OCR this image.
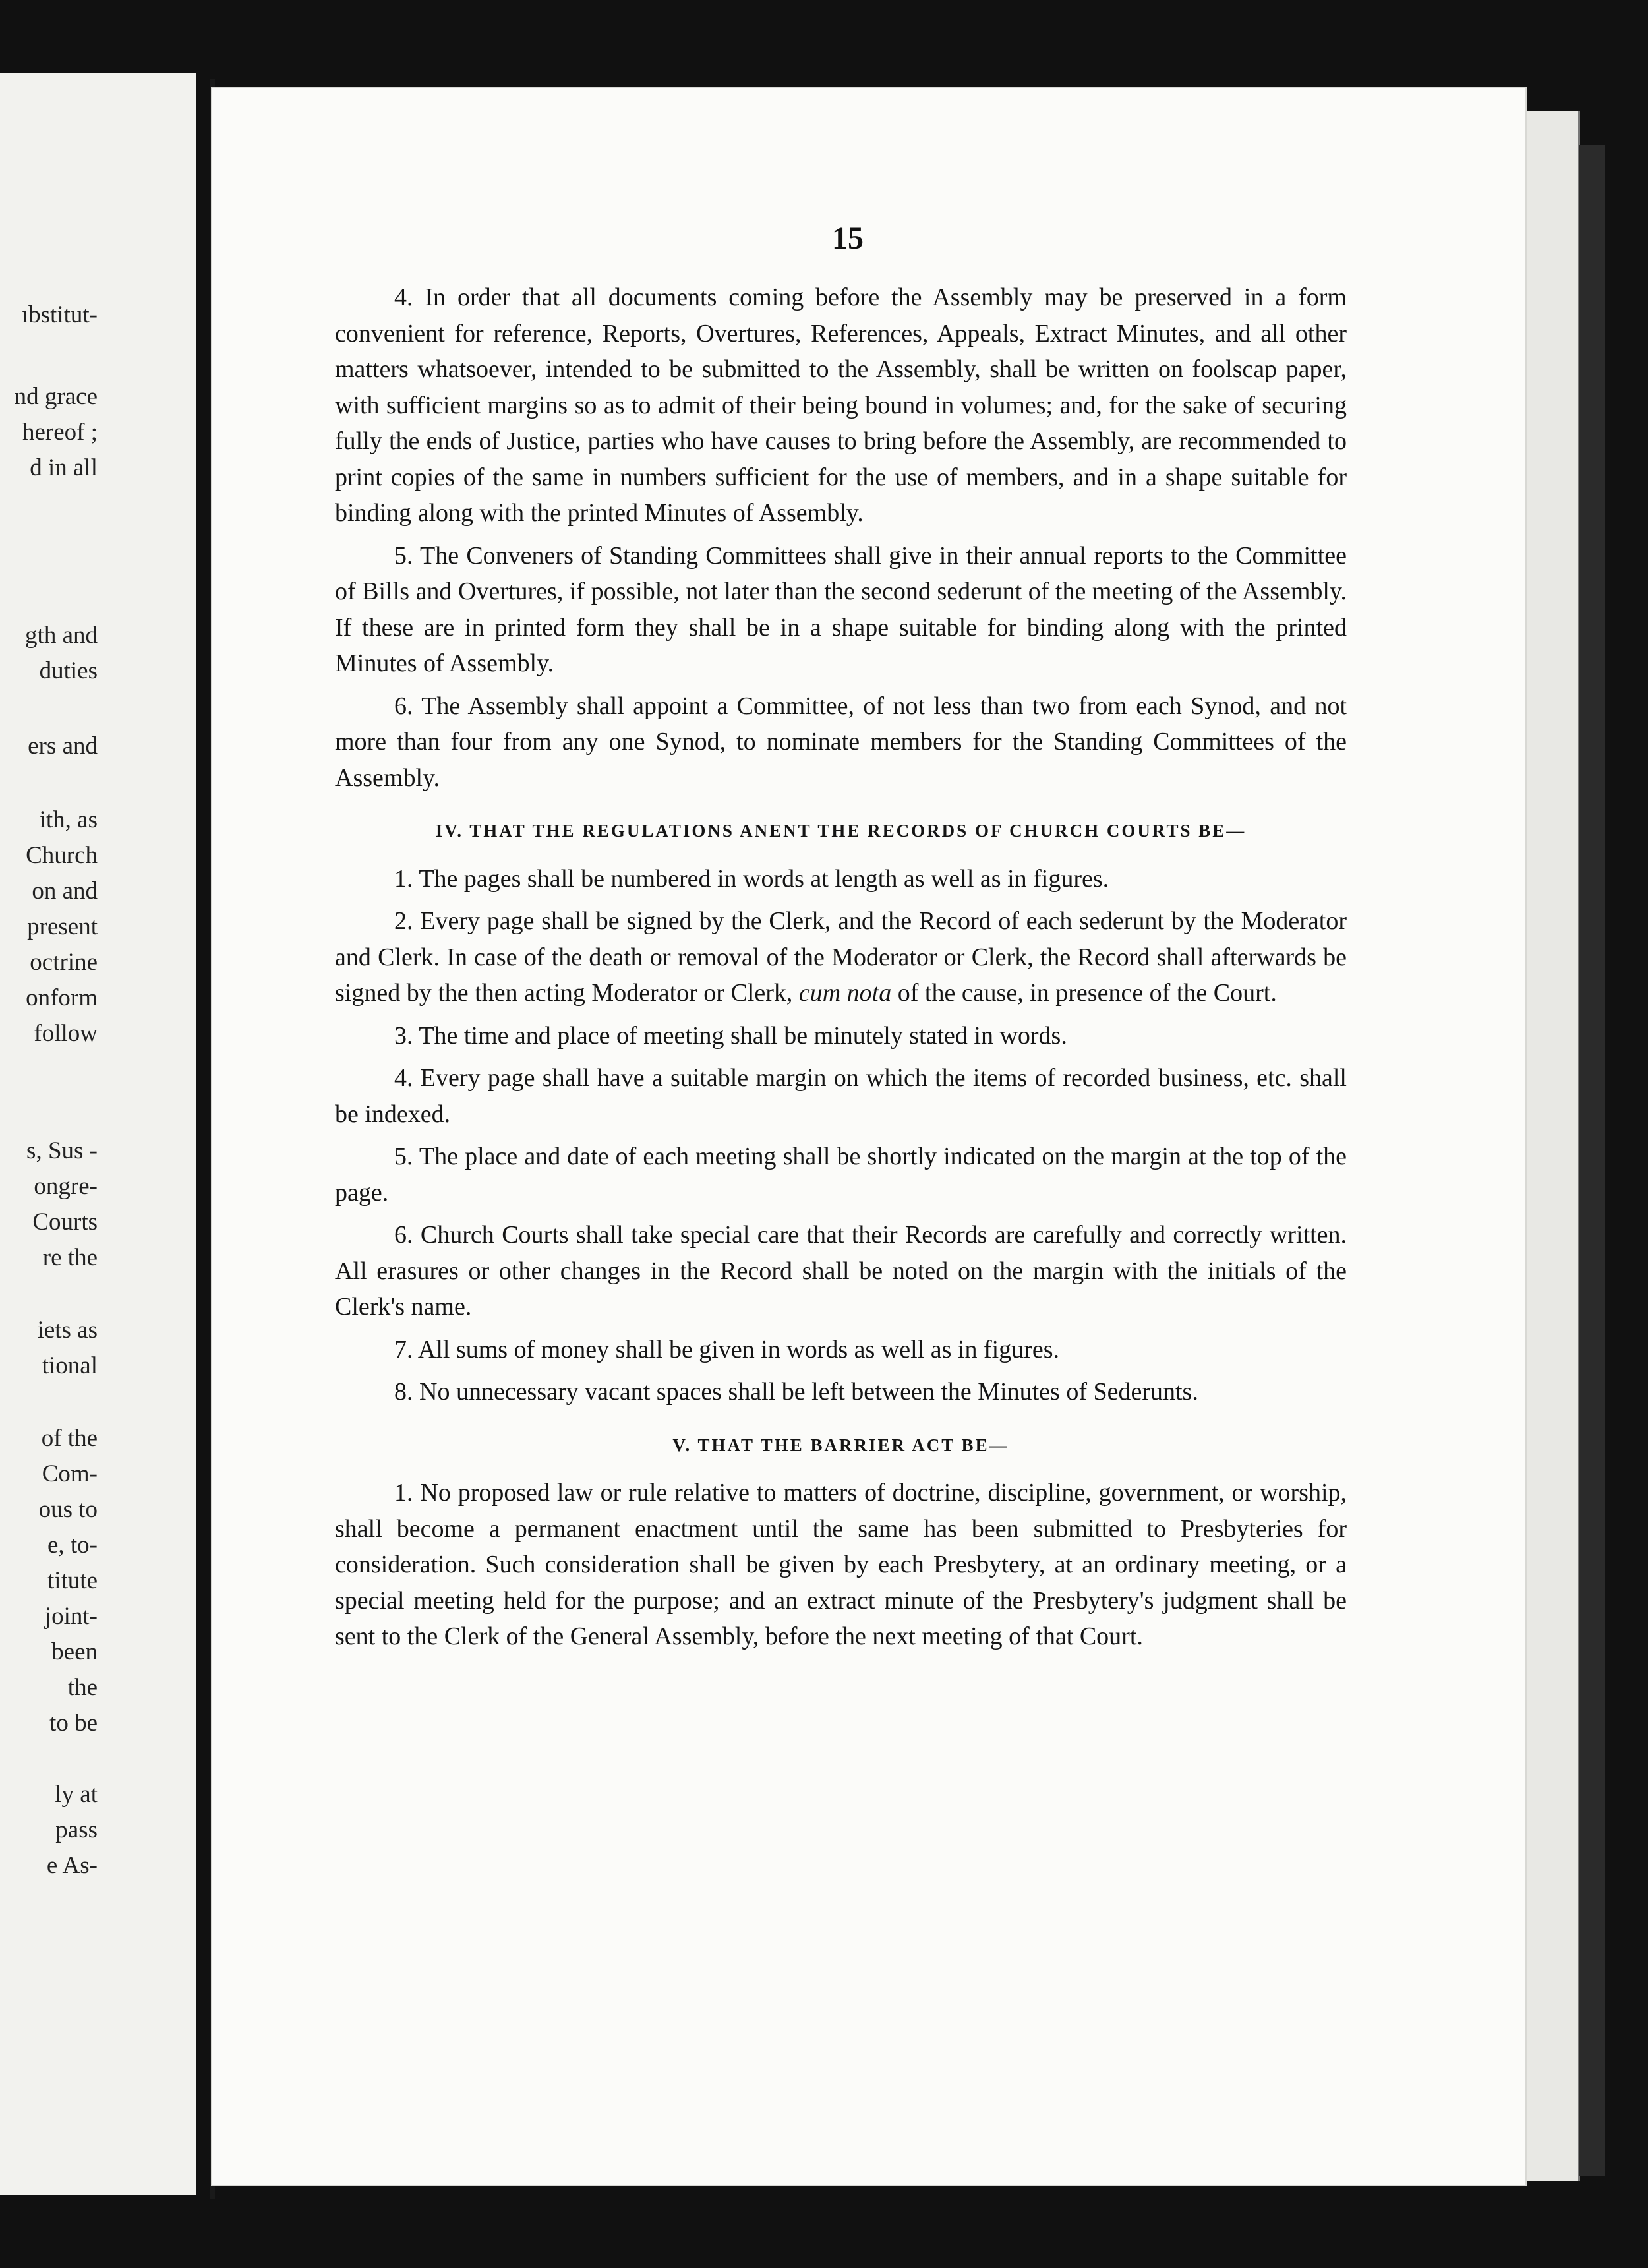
ıbstitut-
nd grace
hereof ;
d in all
gth and
duties
ers and
ith, as
Church
on and
present
octrine
onform
follow
s, Sus -
ongre-
Courts
re the
iets as
tional
of the
Com-
ous to
e, to-
titute
joint-
been
the
to be
ly at
pass
e As-
15

4. In order that all documents coming before the Assembly may be preserved in a form convenient for reference, Reports, Overtures, References, Appeals, Extract Minutes, and all other matters whatsoever, intended to be submitted to the Assembly, shall be written on foolscap paper, with sufficient margins so as to admit of their being bound in volumes; and, for the sake of securing fully the ends of Justice, parties who have causes to bring before the Assembly, are recommended to print copies of the same in numbers sufficient for the use of members, and in a shape suitable for binding along with the printed Minutes of Assembly.

5. The Conveners of Standing Committees shall give in their annual reports to the Committee of Bills and Overtures, if possible, not later than the second sederunt of the meeting of the Assembly. If these are in printed form they shall be in a shape suitable for binding along with the printed Minutes of Assembly.

6. The Assembly shall appoint a Committee, of not less than two from each Synod, and not more than four from any one Synod, to nominate members for the Standing Committees of the Assembly.

IV. THAT THE REGULATIONS ANENT THE RECORDS OF CHURCH COURTS BE—

1. The pages shall be numbered in words at length as well as in figures.

2. Every page shall be signed by the Clerk, and the Record of each sederunt by the Moderator and Clerk. In case of the death or removal of the Moderator or Clerk, the Record shall afterwards be signed by the then acting Moderator or Clerk, cum nota of the cause, in presence of the Court.

3. The time and place of meeting shall be minutely stated in words.

4. Every page shall have a suitable margin on which the items of recorded business, etc. shall be indexed.

5. The place and date of each meeting shall be shortly indicated on the margin at the top of the page.

6. Church Courts shall take special care that their Records are carefully and correctly written. All erasures or other changes in the Record shall be noted on the margin with the initials of the Clerk's name.

7. All sums of money shall be given in words as well as in figures.

8. No unnecessary vacant spaces shall be left between the Minutes of Sederunts.

V. THAT THE BARRIER ACT BE—

1. No proposed law or rule relative to matters of doctrine, discipline, government, or worship, shall become a permanent enactment until the same has been submitted to Presbyteries for consideration. Such consideration shall be given by each Presbytery, at an ordinary meeting, or a special meeting held for the purpose; and an extract minute of the Presbytery's judgment shall be sent to the Clerk of the General Assembly, before the next meeting of that Court.
